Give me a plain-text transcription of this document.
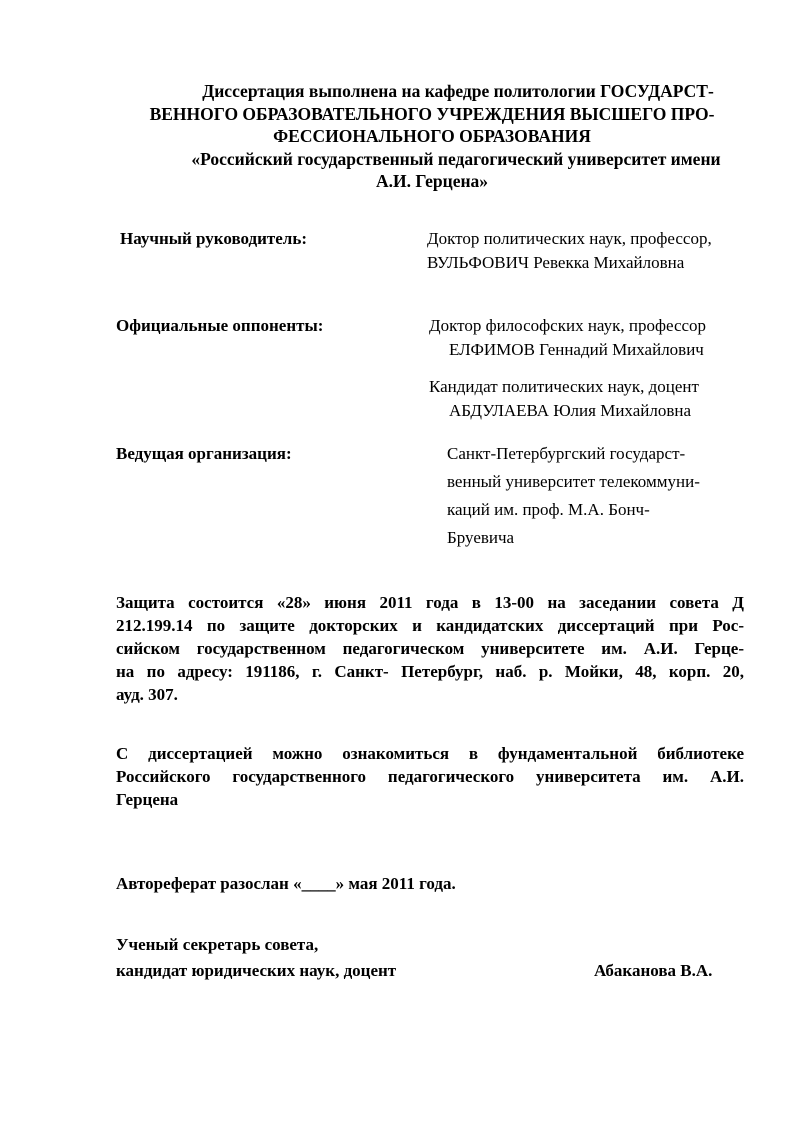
Диссертация выполнена на кафедре политологии ГОСУДАРСТ-
ВЕННОГО ОБРАЗОВАТЕЛЬНОГО УЧРЕЖДЕНИЯ ВЫСШЕГО ПРО-
ФЕССИОНАЛЬНОГО ОБРАЗОВАНИЯ
«Российский государственный педагогический университет имени
А.И. Герцена»
Научный руководитель:	Доктор политических наук, профессор,
ВУЛЬФОВИЧ Ревекка Михайловна
Официальные оппоненты:	Доктор философских наук, профессор
ЕЛФИМОВ Геннадий Михайлович
Кандидат политических наук, доцент
АБДУЛАЕВА Юлия Михайловна
Ведущая организация:	Санкт-Петербургский государст-
венный университет телекоммуни-
каций им. проф. М.А. Бонч-
Бруевича
Защита состоится «28» июня 2011 года в 13-00 на заседании совета Д
212.199.14 по защите докторских и кандидатских диссертаций при Рос-
сийском государственном педагогическом университете им. А.И. Герце-
на по адресу: 191186, г. Санкт- Петербург, наб. р. Мойки, 48, корп. 20,
ауд. 307.
С диссертацией можно ознакомиться в фундаментальной библиотеке
Российского государственного педагогического университета им. А.И.
Герцена
Автореферат разослан «____» мая 2011 года.
Ученый секретарь совета,
кандидат юридических наук, доцент	Абаканова В.А.
